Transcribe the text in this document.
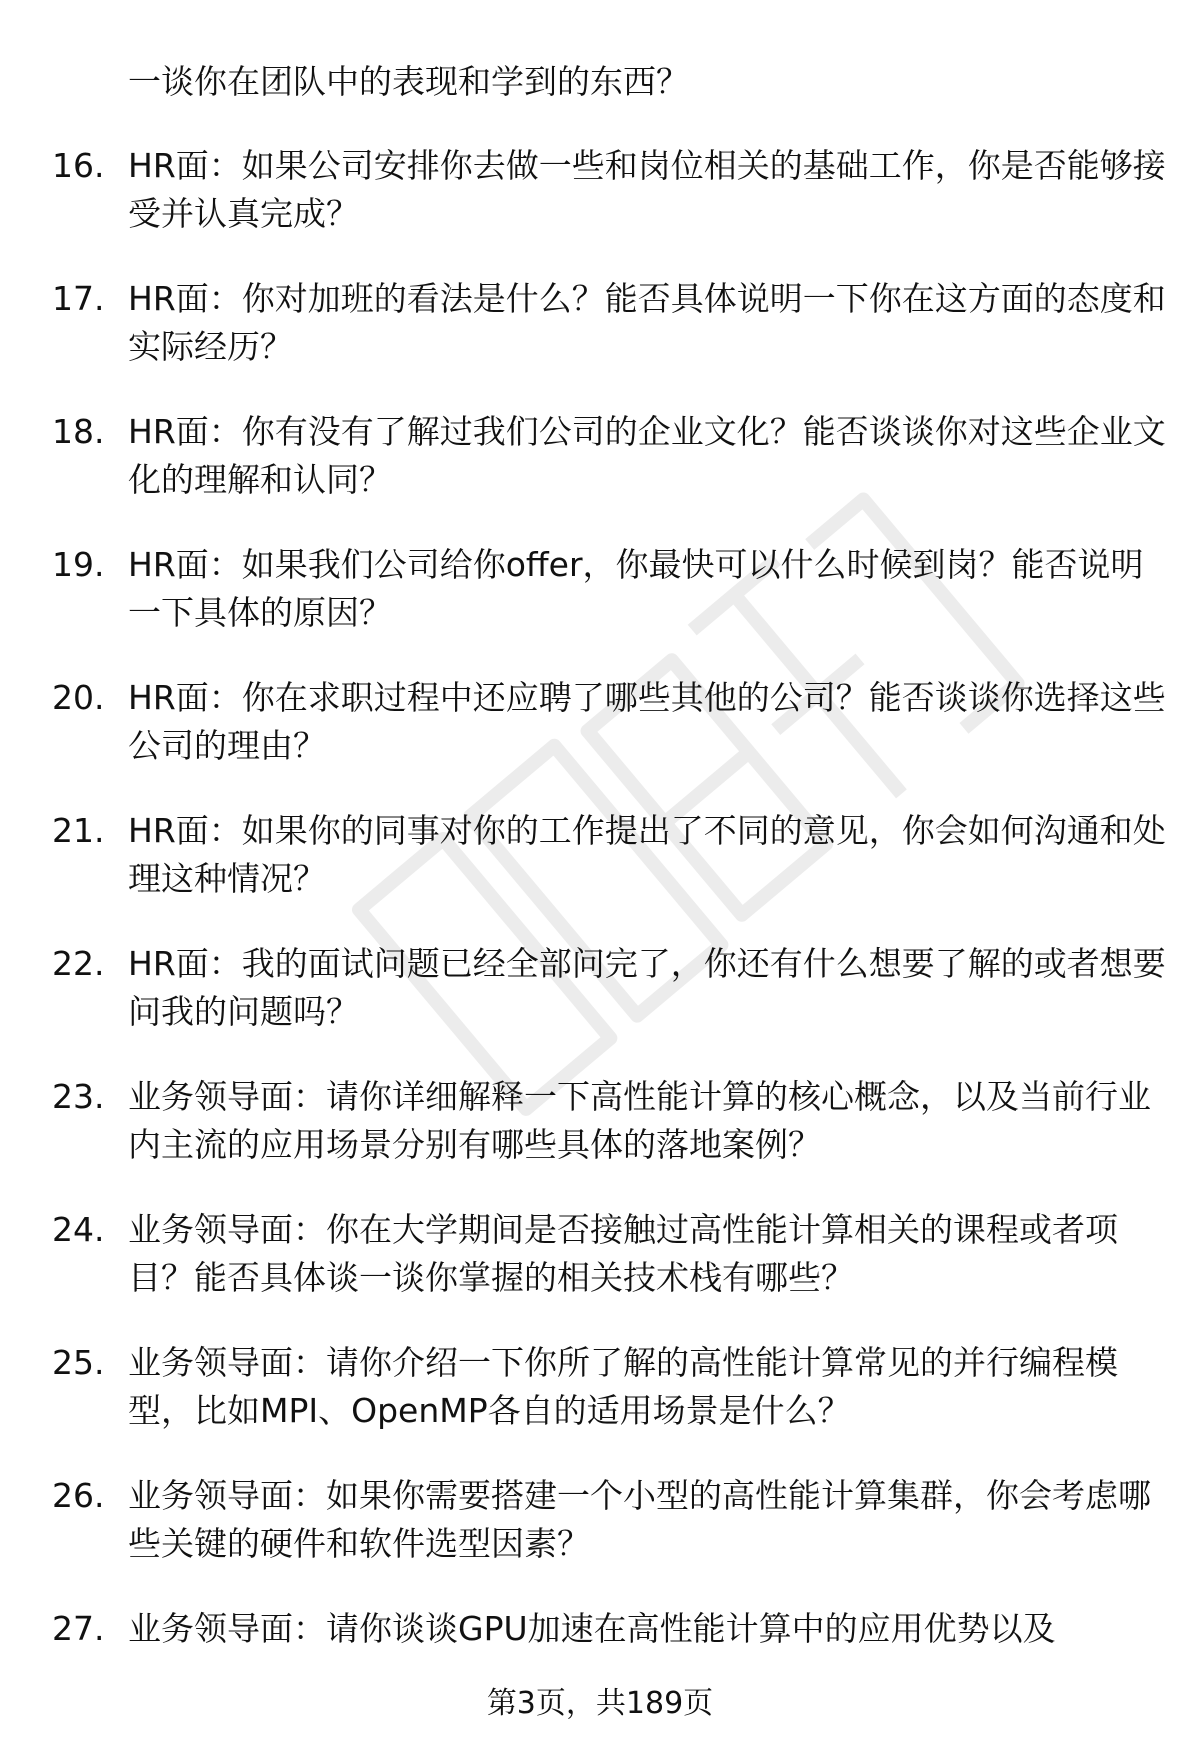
一谈你在团队中的表现和学到的东西？

16. HR面：如果公司安排你去做一些和岗位相关的基础工作，你是否能够接受并认真完成？

17. HR面：你对加班的看法是什么？能否具体说明一下你在这方面的态度和实际经历？

18. HR面：你有没有了解过我们公司的企业文化？能否谈谈你对这些企业文化的理解和认同？

19. HR面：如果我们公司给你offer，你最快可以什么时候到岗？能否说明一下具体的原因？

20. HR面：你在求职过程中还应聘了哪些其他的公司？能否谈谈你选择这些公司的理由？

21. HR面：如果你的同事对你的工作提出了不同的意见，你会如何沟通和处理这种情况？

22. HR面：我的面试问题已经全部问完了，你还有什么想要了解的或者想要问我的问题吗？

23. 业务领导面：请你详细解释一下高性能计算的核心概念，以及当前行业内主流的应用场景分别有哪些具体的落地案例？

24. 业务领导面：你在大学期间是否接触过高性能计算相关的课程或者项目？能否具体谈一谈你掌握的相关技术栈有哪些？

25. 业务领导面：请你介绍一下你所了解的高性能计算常见的并行编程模型，比如MPI、OpenMP各自的适用场景是什么？

26. 业务领导面：如果你需要搭建一个小型的高性能计算集群，你会考虑哪些关键的硬件和软件选型因素？

27. 业务领导面：请你谈谈GPU加速在高性能计算中的应用优势以及

第3页，共189页
